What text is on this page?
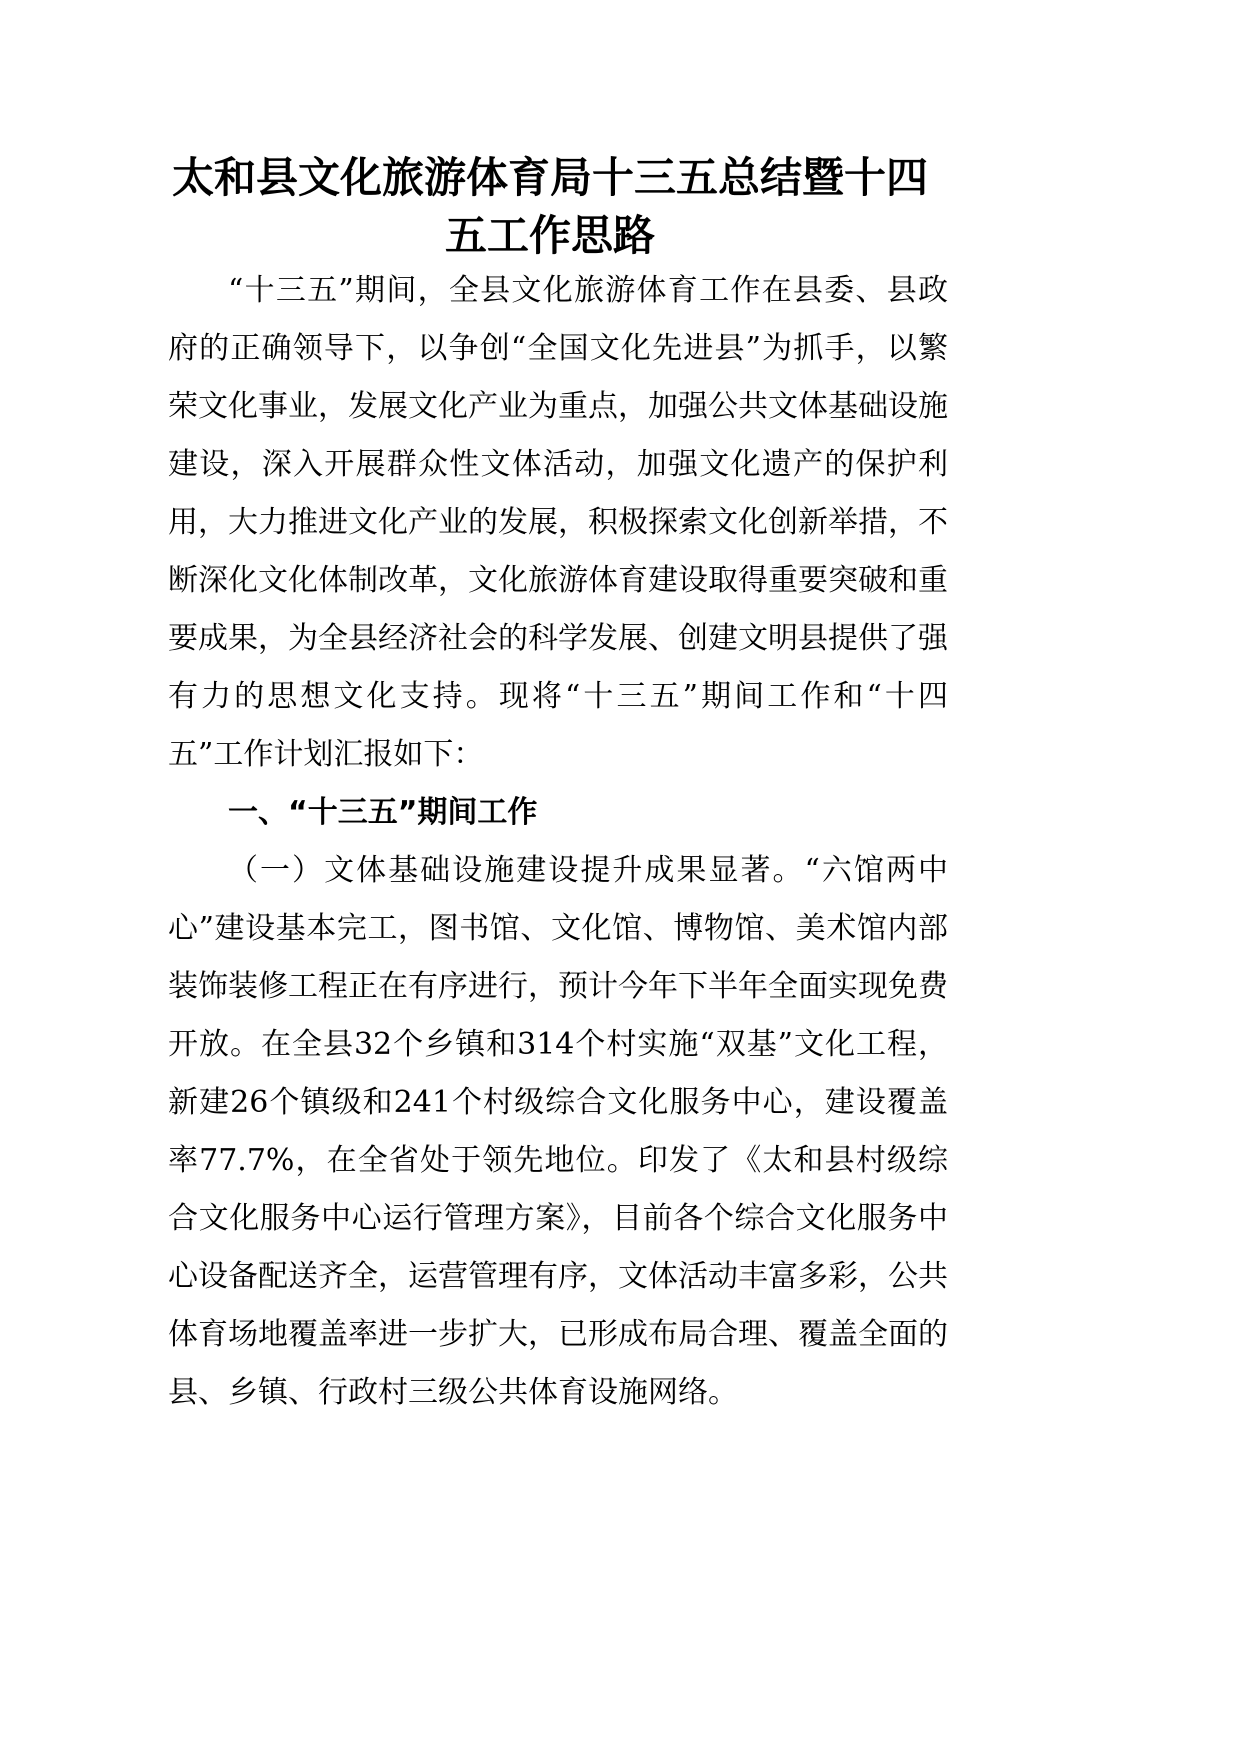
太和县文化旅游体育局十三五总结暨十四
五工作思路

“十三五”期间，全县文化旅游体育工作在县委、县政府的正确领导下，以争创“全国文化先进县”为抓手，以繁荣文化事业，发展文化产业为重点，加强公共文体基础设施建设，深入开展群众性文体活动，加强文化遗产的保护利用，大力推进文化产业的发展，积极探索文化创新举措，不断深化文化体制改革，文化旅游体育建设取得重要突破和重要成果，为全县经济社会的科学发展、创建文明县提供了强有力的思想文化支持。现将“十三五”期间工作和“十四五”工作计划汇报如下：

一、“十三五”期间工作

（一）文体基础设施建设提升成果显著。“六馆两中心”建设基本完工，图书馆、文化馆、博物馆、美术馆内部装饰装修工程正在有序进行，预计今年下半年全面实现免费开放。在全县32个乡镇和314个村实施“双基”文化工程，新建26个镇级和241个村级综合文化服务中心，建设覆盖率77.7%，在全省处于领先地位。印发了《太和县村级综合文化服务中心运行管理方案》，目前各个综合文化服务中心设备配送齐全，运营管理有序，文体活动丰富多彩，公共体育场地覆盖率进一步扩大，已形成布局合理、覆盖全面的县、乡镇、行政村三级公共体育设施网络。
